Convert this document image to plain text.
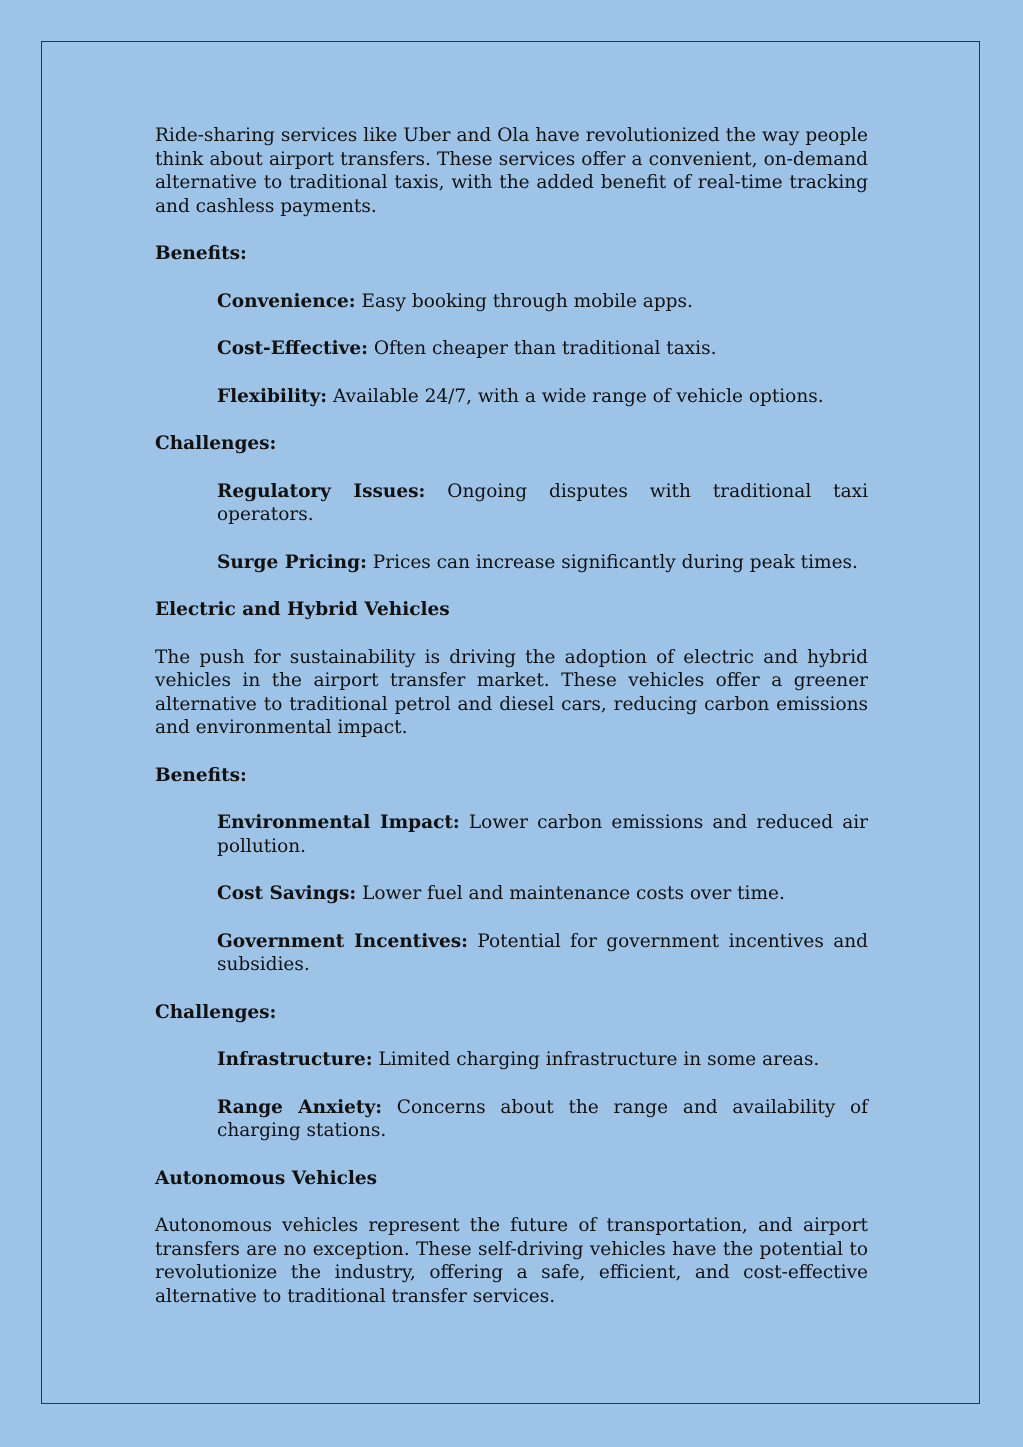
Ride-sharing services like Uber and Ola have revolutionized the way people think about airport transfers. These services offer a convenient, on-demand alternative to traditional taxis, with the added benefit of real-time tracking and cashless payments.

Benefits:

Convenience: Easy booking through mobile apps.

Cost-Effective: Often cheaper than traditional taxis.

Flexibility: Available 24/7, with a wide range of vehicle options.

Challenges:

Regulatory Issues: Ongoing disputes with traditional taxi operators.

Surge Pricing: Prices can increase significantly during peak times.

Electric and Hybrid Vehicles

The push for sustainability is driving the adoption of electric and hybrid vehicles in the airport transfer market. These vehicles offer a greener alternative to traditional petrol and diesel cars, reducing carbon emissions and environmental impact.

Benefits:

Environmental Impact: Lower carbon emissions and reduced air pollution.

Cost Savings: Lower fuel and maintenance costs over time.

Government Incentives: Potential for government incentives and subsidies.

Challenges:

Infrastructure: Limited charging infrastructure in some areas.

Range Anxiety: Concerns about the range and availability of charging stations.

Autonomous Vehicles

Autonomous vehicles represent the future of transportation, and airport transfers are no exception. These self-driving vehicles have the potential to revolutionize the industry, offering a safe, efficient, and cost-effective alternative to traditional transfer services.
